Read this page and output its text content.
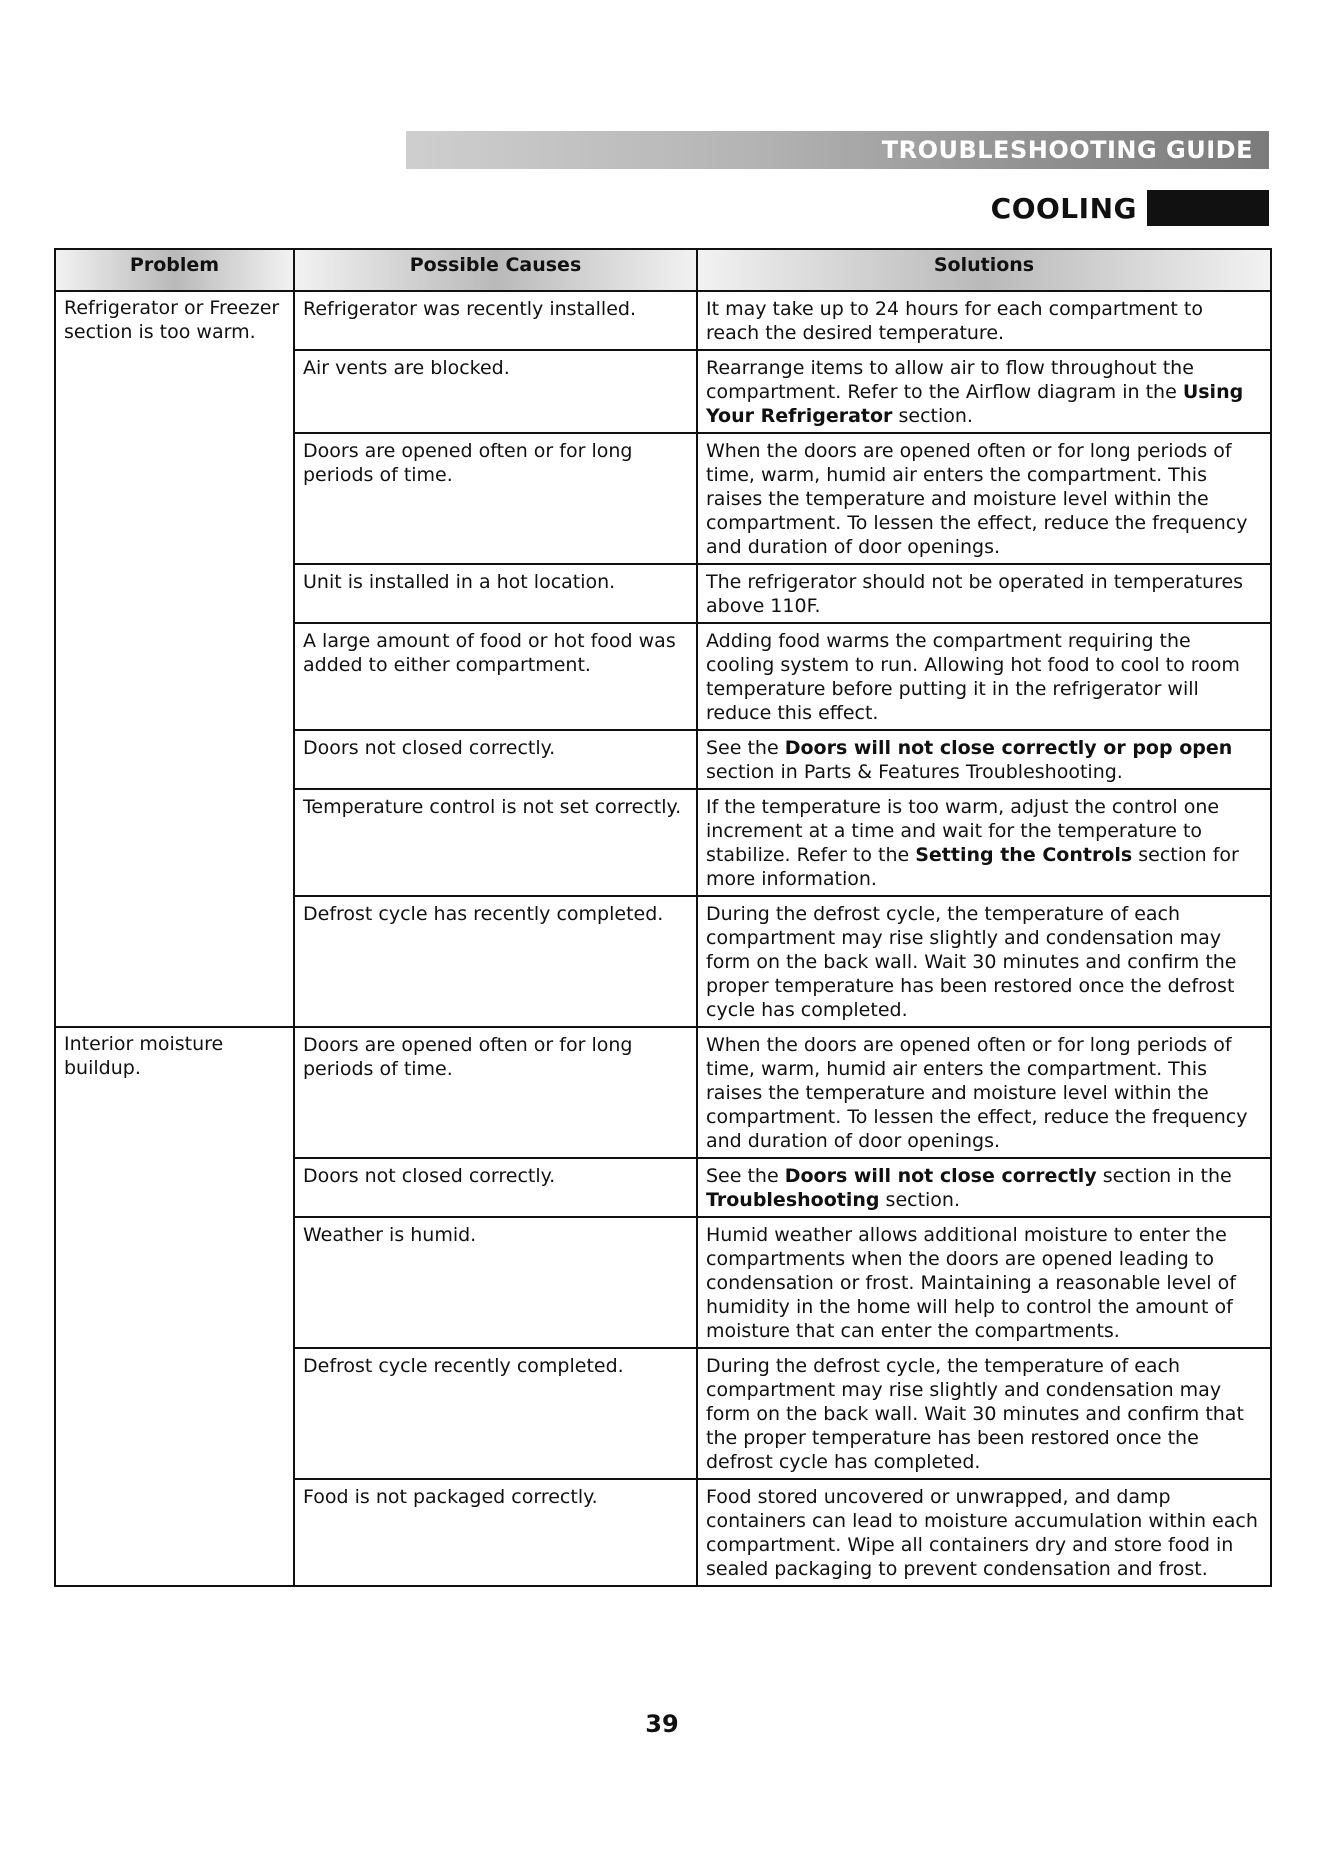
TROUBLESHOOTING GUIDE
COOLING
Problem	Possible Causes	Solutions
Refrigerator or Freezer section is too warm.	Refrigerator was recently installed.	It may take up to 24 hours for each compartment to reach the desired temperature.
	Air vents are blocked.	Rearrange items to allow air to flow throughout the compartment. Refer to the Airflow diagram in the Using Your Refrigerator section.
	Doors are opened often or for long periods of time.	When the doors are opened often or for long periods of time, warm, humid air enters the compartment. This raises the temperature and moisture level within the compartment. To lessen the effect, reduce the frequency and duration of door openings.
	Unit is installed in a hot location.	The refrigerator should not be operated in temperatures above 110F.
	A large amount of food or hot food was added to either compartment.	Adding food warms the compartment requiring the cooling system to run. Allowing hot food to cool to room temperature before putting it in the refrigerator will reduce this effect.
	Doors not closed correctly.	See the Doors will not close correctly or pop open section in Parts & Features Troubleshooting.
	Temperature control is not set correctly.	If the temperature is too warm, adjust the control one increment at a time and wait for the temperature to stabilize. Refer to the Setting the Controls section for more information.
	Defrost cycle has recently completed.	During the defrost cycle, the temperature of each compartment may rise slightly and condensation may form on the back wall. Wait 30 minutes and confirm the proper temperature has been restored once the defrost cycle has completed.
Interior moisture buildup.	Doors are opened often or for long periods of time.	When the doors are opened often or for long periods of time, warm, humid air enters the compartment. This raises the temperature and moisture level within the compartment. To lessen the effect, reduce the frequency and duration of door openings.
	Doors not closed correctly.	See the Doors will not close correctly section in the Troubleshooting section.
	Weather is humid.	Humid weather allows additional moisture to enter the compartments when the doors are opened leading to condensation or frost. Maintaining a reasonable level of humidity in the home will help to control the amount of moisture that can enter the compartments.
	Defrost cycle recently completed.	During the defrost cycle, the temperature of each compartment may rise slightly and condensation may form on the back wall. Wait 30 minutes and confirm that the proper temperature has been restored once the defrost cycle has completed.
	Food is not packaged correctly.	Food stored uncovered or unwrapped, and damp containers can lead to moisture accumulation within each compartment. Wipe all containers dry and store food in sealed packaging to prevent condensation and frost.
39
